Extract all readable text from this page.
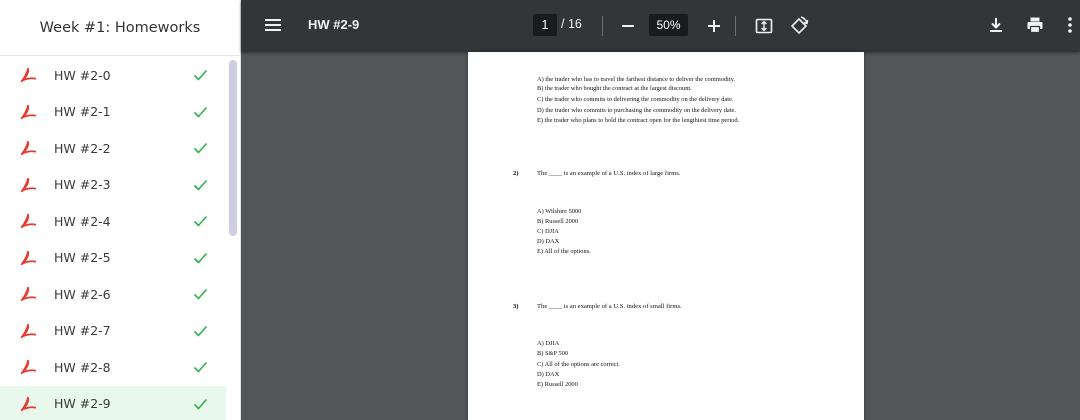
Week #1: Homeworks
HW #2-0
HW #2-1
HW #2-2
HW #2-3
HW #2-4
HW #2-5
HW #2-6
HW #2-7
HW #2-8
HW #2-9
HW #2-9	1	/ 16	50%
A) the trader who has to travel the farthest distance to deliver the commodity.
B) the trader who bought the contract at the largest discount.
C) the trader who commits to delivering the commodity on the delivery date.
D) the trader who commits to purchasing the commodity on the delivery date.
E) the trader who plans to hold the contract open for the lengthiest time period.
2)	The ____ is an example of a U.S. index of large firms.
A) Wilshire 5000
B) Russell 2000
C) DJIA
D) DAX
E) All of the options.
3)	The ____ is an example of a U.S. index of small firms.
A) DJIA
B) S&P 500
C) All of the options are correct.
D) DAX
E) Russell 2000
